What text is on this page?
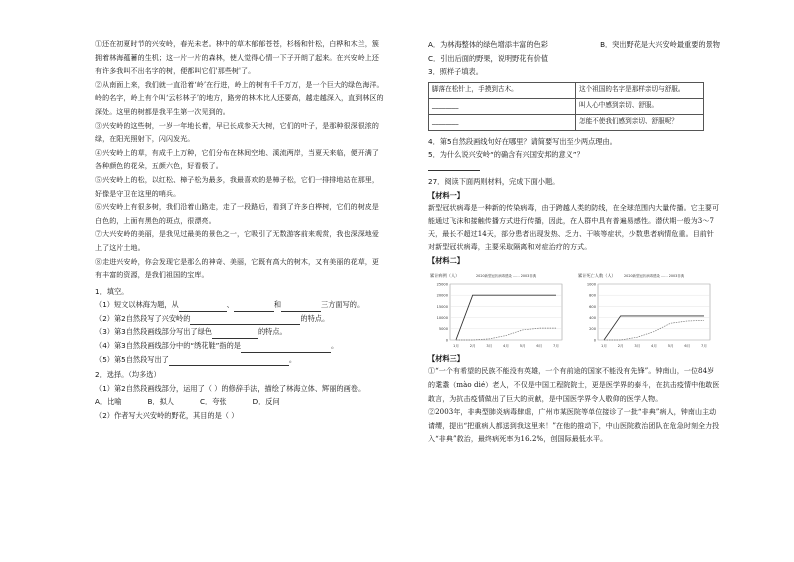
①还在初夏时节的兴安岭，春光未老。林中的草木郁郁苍苍，杉杨和针松，白桦和木兰，簇拥着林海蕴蓄的生机；这一片一片的森林，使人觉得心情一下子开朗了起来。在兴安岭上还有许多我叫不出名字的树，便都叫它们'那些树'了。

②从南面上来，我们就一直沿着‘岭’在行进，岭上的树有千千万万，是一个巨大的绿色海洋。岭的名字，岭上有个叫‘云杉林子’的地方，路旁的林木比人还要高，越走越深入，直到林区的深处。这里的树都是我平生第一次见到的。

③兴安岭的这些树，一岁一年地长着，早已长成参天大树，它们的叶子，是那种很深很浓的绿，在阳光照射下，闪闪发光。

④兴安岭上的草，有成千上万种，它们分布在林间空地、溪流两岸，当夏天来临，便开满了各种颜色的花朵，五颜六色，好看极了。

⑤兴安岭上的松，以红松、樟子松为最多，我最喜欢的是樟子松，它们一排排地站在那里，好像是守卫在这里的哨兵。

⑥兴安岭上有很多树，我们沿着山路走，走了一段路后，看到了许多白桦树，它们的树皮是白色的，上面有黑色的斑点，很漂亮。

⑦大兴安岭的美丽，是我见过最美的景色之一，它吸引了无数游客前来观赏，我也深深地爱上了这片土地。

⑧走进兴安岭，你会发现它是那么的神奇、美丽，它既有高大的树木，又有美丽的花草，更有丰富的资源，是我们祖国的宝库。

1．填空。
（1）短文以林海为题，从	、	和	三方面写的。
（2）第2自然段写了兴安岭的	的特点。
（3）第3自然段画线部分写出了绿色	的特点。
（4）第3自然段画线部分中的“绣花鞋”指的是	。
（5）第5自然段写出了	。
2．选择。（均多选）
（1）第2自然段画线部分，运用了（ ）的修辞手法，描绘了林海立体、辉丽的画卷。
A．比喻	B．拟人	C．夸张	D．反问
（2）作者写大兴安岭的野花，其目的是（ ）
A．为林海整体的绿色增添丰富的色彩	B．突出野花是大兴安岭最重要的景物
C．引出后面的野果，说明野花有价值
3．照样子填表。
脚落在松针上，手摸到古木。	这个祖国的名字是那样亲切与舒服。
________	叫人心中感到亲切、舒服。
________	怎能不使我们感到亲切、舒服呢？
4．第5自然段画线句好在哪里？请简要写出至少两点理由。
5．为什么说兴安岭“的确含有兴国安邦的意义”？
27．阅读下面两则材料，完成下面小题。
【材料一】

新型冠状病毒是一种新的传染病毒，由于跨越人类的防线，在全球范围内大量传播。它主要可能通过飞沫和接触传播方式进行传播，因此，在人群中具有普遍易感性。潜伏期一般为3～7天，最长不超过14天，部分患者出现发热、乏力、干咳等症状，少数患者病情危重。目前针对新型冠状病毒，主要采取隔离和对症治疗的方式。

【材料二】
累计病例（人）	2020新型冠状病毒感染 …… 2003非典
0
5000
10000
15000
20000
25000
1月	2月	3月	4月	5月	6月	7月
累计死亡人数（人） 2020新型冠状病毒感染 …… 2003非典
0
200
400
600
800
1000
1月	2月	3月	4月	5月	6月	7月
【材料三】

①“一个有希望的民族不能没有英雄，一个有前途的国家不能没有先锋”。钟南山，一位84岁的耄耋（mào dié）老人，不仅是中国工程院院士，更是医学界的泰斗，在抗击疫情中他敢医敢言，为抗击疫情做出了巨大的贡献，是中国医学界令人敬仰的医学人物。

②2003年，非典型肺炎病毒肆虐，广州市某医院等单位接诊了一批“非典”病人，钟南山主动请缨，提出“把重病人都送到我这里来！”在他的推动下，中山医院救治团队在危急时刻全力投入“非典”救治，最终病死率为16.2%，创国际最低水平。
